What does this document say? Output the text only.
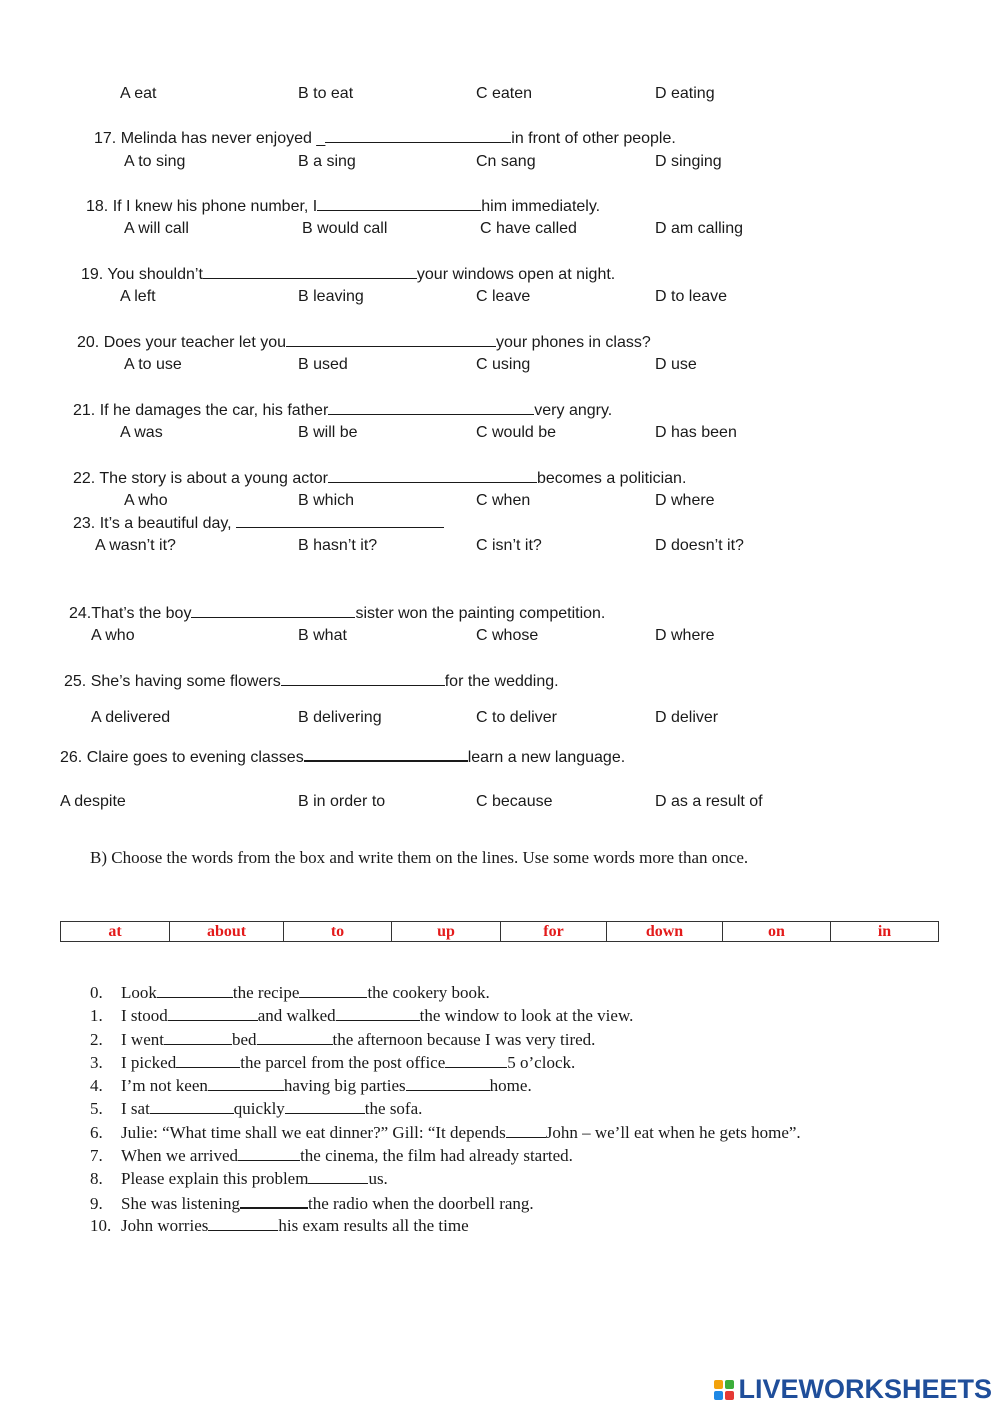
A eat	B to eat	C eaten	D eating
17. Melinda has never enjoyed _	in front of other people.
A to sing	B a sing	Cn sang	D singing
18. If I knew his phone number, I	him immediately.
A will call	B would call	C have called	D am calling
19. You shouldn’t	your windows open at night.
A left	B leaving	C leave	D to leave
20. Does your teacher let you	your phones in class?
A to use	B used	C using	D use
21. If he damages the car, his father	very angry.
A was	B will be	C would be	D has been
22. The story is about a young actor	becomes a politician.
A who	B which	C when	D where
23. It’s a beautiful day,
A wasn’t it?	B hasn’t it?	C isn’t it?	D doesn’t it?
24.That’s the boy	sister won the painting competition.
A who	B what	C whose	D where
25. She’s having some flowers	for the wedding.
A delivered	B delivering	C to deliver	D deliver
26. Claire goes to evening classes	learn a new language.
A despite	B in order to	C because	D as a result of
B) Choose the words from the box and write them on the lines. Use some words more than once.
at	about	to	up	for	down	on	in
0. Look	the recipe	the cookery book.
1. I stood	and walked	the window to look at the view.
2. I went	bed	the afternoon because I was very tired.
3. I picked	the parcel from the post office	5 o’clock.
4. I’m not keen	having big parties	home.
5. I sat	quickly	the sofa.
6. Julie: “What time shall we eat dinner?” Gill: “It depends John – we’ll eat when he gets home”.
7. When we arrived	the cinema, the film had already started.
8. Please explain this problem	us.
9. She was listening	the radio when the doorbell rang.
10. John worries	his exam results all the time
LIVEWORKSHEETS
